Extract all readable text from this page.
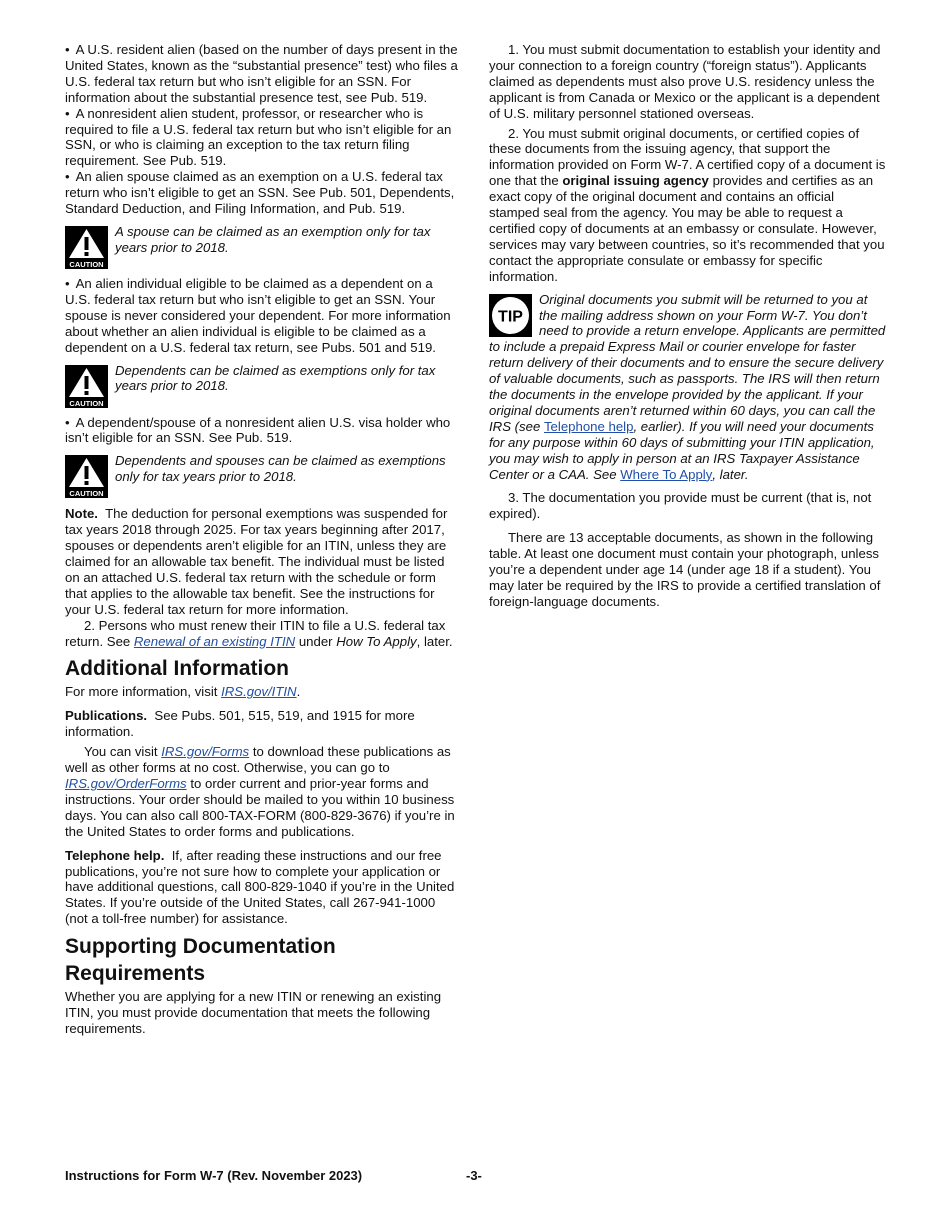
• A U.S. resident alien (based on the number of days present in the United States, known as the “substantial presence” test) who files a U.S. federal tax return but who isn’t eligible for an SSN. For information about the substantial presence test, see Pub. 519.

• A nonresident alien student, professor, or researcher who is required to file a U.S. federal tax return but who isn’t eligible for an SSN, or who is claiming an exception to the tax return filing requirement. See Pub. 519.

• An alien spouse claimed as an exemption on a U.S. federal tax return who isn’t eligible to get an SSN. See Pub. 501, Dependents, Standard Deduction, and Filing Information, and Pub. 519.

CAUTION
A spouse can be claimed as an exemption only for tax years prior to 2018.

• An alien individual eligible to be claimed as a dependent on a U.S. federal tax return but who isn’t eligible to get an SSN. Your spouse is never considered your dependent. For more information about whether an alien individual is eligible to be claimed as a dependent on a U.S. federal tax return, see Pubs. 501 and 519.

CAUTION
Dependents can be claimed as exemptions only for tax years prior to 2018.

• A dependent/spouse of a nonresident alien U.S. visa holder who isn’t eligible for an SSN. See Pub. 519.

CAUTION
Dependents and spouses can be claimed as exemptions only for tax years prior to 2018.

Note. The deduction for personal exemptions was suspended for tax years 2018 through 2025. For tax years beginning after 2017, spouses or dependents aren’t eligible for an ITIN, unless they are claimed for an allowable tax benefit. The individual must be listed on an attached U.S. federal tax return with the schedule or form that applies to the allowable tax benefit. See the instructions for your U.S. federal tax return for more information.

2. Persons who must renew their ITIN to file a U.S. federal tax return. See Renewal of an existing ITIN under How To Apply, later.

Additional Information

For more information, visit IRS.gov/ITIN.

Publications. See Pubs. 501, 515, 519, and 1915 for more information.

You can visit IRS.gov/Forms to download these publications as well as other forms at no cost. Otherwise, you can go to IRS.gov/OrderForms to order current and prior-year forms and instructions. Your order should be mailed to you within 10 business days. You can also call 800-TAX-FORM (800-829-3676) if you’re in the United States to order forms and publications.

Telephone help. If, after reading these instructions and our free publications, you’re not sure how to complete your application or have additional questions, call 800-829-1040 if you’re in the United States. If you’re outside of the United States, call 267-941-1000 (not a toll-free number) for assistance.

Supporting Documentation Requirements

Whether you are applying for a new ITIN or renewing an existing ITIN, you must provide documentation that meets the following requirements.

1. You must submit documentation to establish your identity and your connection to a foreign country (“foreign status”). Applicants claimed as dependents must also prove U.S. residency unless the applicant is from Canada or Mexico or the applicant is a dependent of U.S. military personnel stationed overseas.

2. You must submit original documents, or certified copies of these documents from the issuing agency, that support the information provided on Form W-7. A certified copy of a document is one that the original issuing agency provides and certifies as an exact copy of the original document and contains an official stamped seal from the agency. You may be able to request a certified copy of documents at an embassy or consulate. However, services may vary between countries, so it’s recommended that you contact the appropriate consulate or embassy for specific information.

TIP
Original documents you submit will be returned to you at the mailing address shown on your Form W-7. You don’t need to provide a return envelope. Applicants are permitted to include a prepaid Express Mail or courier envelope for faster return delivery of their documents and to ensure the secure delivery of valuable documents, such as passports. The IRS will then return the documents in the envelope provided by the applicant. If your original documents aren’t returned within 60 days, you can call the IRS (see Telephone help, earlier). If you will need your documents for any purpose within 60 days of submitting your ITIN application, you may wish to apply in person at an IRS Taxpayer Assistance Center or a CAA. See Where To Apply, later.

3. The documentation you provide must be current (that is, not expired).

There are 13 acceptable documents, as shown in the following table. At least one document must contain your photograph, unless you’re a dependent under age 14 (under age 18 if a student). You may later be required by the IRS to provide a certified translation of foreign-language documents.

Instructions for Form W-7 (Rev. November 2023)	-3-
